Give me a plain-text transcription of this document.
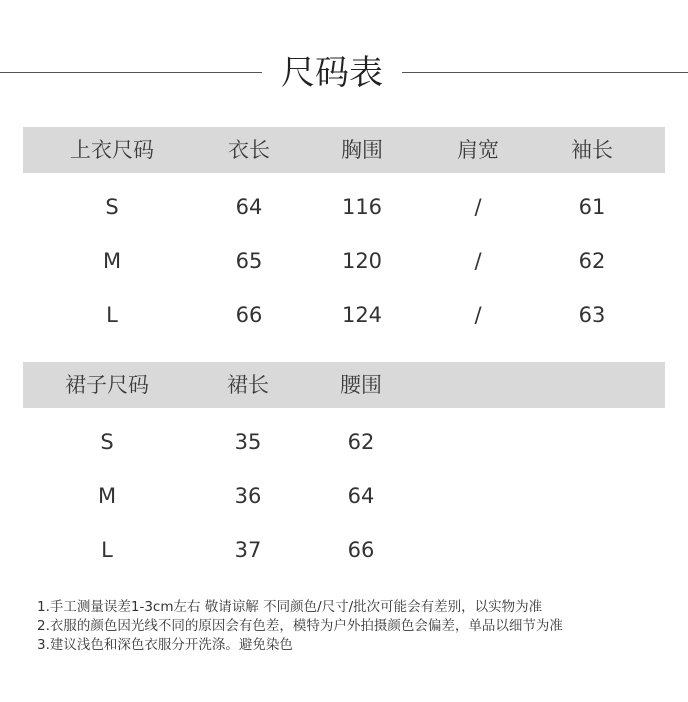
尺码表
上衣尺码	衣长	胸围	肩宽	袖长
S	64	116	/	61
M	65	120	/	62
L	66	124	/	63
裙子尺码	裙长	腰围
S	35	62
M	36	64
L	37	66
1.手工测量误差1-3cm左右 敬请谅解 不同颜色/尺寸/批次可能会有差别，以实物为准
2.衣服的颜色因光线不同的原因会有色差，模特为户外拍摄颜色会偏差，单品以细节为准
3.建议浅色和深色衣服分开洗涤。避免染色
